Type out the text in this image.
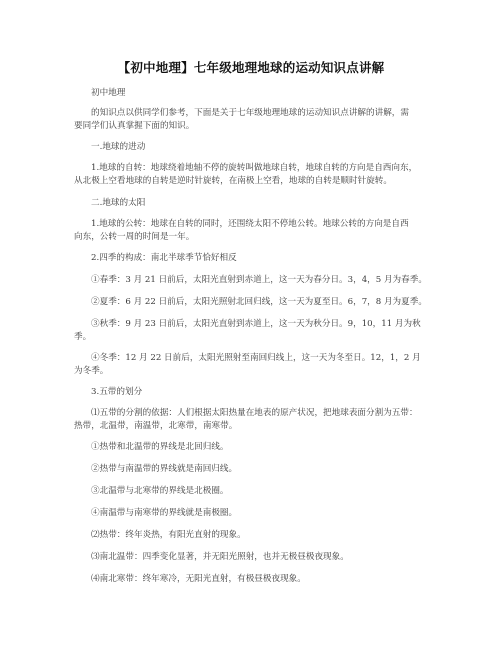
【初中地理】七年级地理地球的运动知识点讲解
初中地理
的知识点以供同学们参考，下面是关于七年级地理地球的运动知识点讲解的讲解，需
要同学们认真掌握下面的知识。
一.地球的进动
1.地球的自转：地球绕着地轴不停的旋转叫做地球自转，地球自转的方向是自西向东，
从北极上空看地球的自转是逆时针旋转，在南极上空看，地球的自转是顺时针旋转。
二.地球的太阳
1.地球的公转：地球在自转的同时，还围绕太阳不停地公转。地球公转的方向是自西
向东，公转一周的时间是一年。
2.四季的构成：南北半球季节恰好相反
①春季：3 月 21 日前后，太阳光直射到赤道上，这一天为春分日。3，4，5 月为春季。
②夏季：6 月 22 日前后，太阳光照射北回归线，这一天为夏至日。6，7，8 月为夏季。
③秋季：9 月 23 日前后，太阳光直射到赤道上，这一天为秋分日。9，10，11 月为秋
季。
④冬季：12 月 22 日前后，太阳光照射至南回归线上，这一天为冬至日。12，1，2 月
为冬季。
3.五带的划分
⑴五带的分割的依据：人们根据太阳热量在地表的原产状况，把地球表面分割为五带：
热带，北温带，南温带，北寒带，南寒带。
①热带和北温带的界线是北回归线。
②热带与南温带的界线就是南回归线。
③北温带与北寒带的界线是北极圈。
④南温带与南寒带的界线就是南极圈。
⑵热带：终年炎热，有阳光直射的现象。
⑶南北温带：四季变化显著，并无阳光照射，也并无极昼极夜现象。
⑷南北寒带：终年寒冷，无阳光直射，有极昼极夜现象。
